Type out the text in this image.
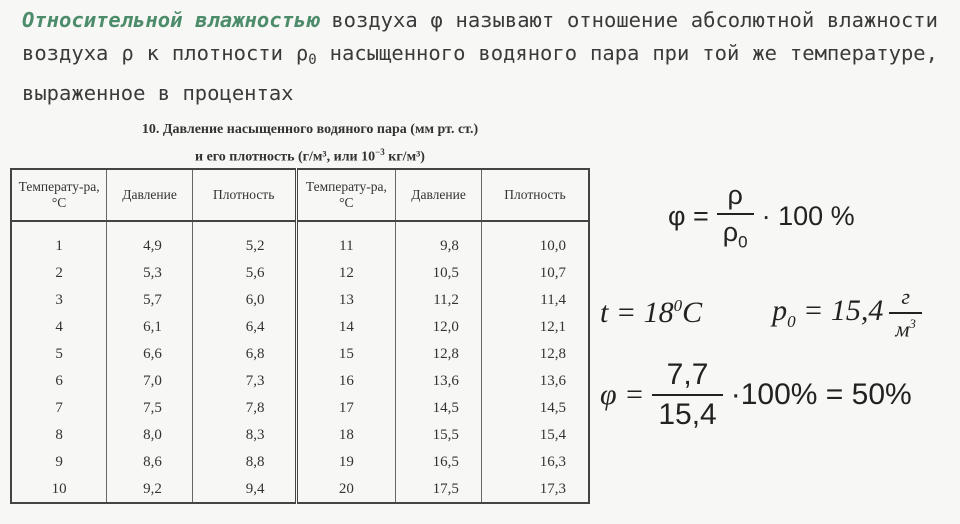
Относительной влажностью воздуха φ называют отношение абсолютной влажности воздуха ρ к плотности $\rho_0$ насыщенного водяного пара при той же температуре, выраженное в процентах
10. Давление насыщенного водяного пара (мм рт. ст.)
и его плотность (г/м³, или $10^{-3}$ кг/м³)
Температу-ра, °С	Давление	Плотность	Температу-ра, °С	Давление	Плотность

1	4,9	5,2	11	9,8	10,0
2	5,3	5,6	12	10,5	10,7
3	5,7	6,0	13	11,2	11,4
4	6,1	6,4	14	12,0	12,1
5	6,6	6,8	15	12,8	12,8
6	7,0	7,3	16	13,6	13,6
7	7,5	7,8	17	14,5	14,5
8	8,0	8,3	18	15,5	15,4
9	8,6	8,8	19	16,5	16,3
10	9,2	9,4	20	17,5	17,3
$\varphi = \frac{\rho}{\rho_0} \cdot 100$ %
$t = 18^0C$ $p_0 = 15,4 \frac{г}{м^3}$
$\varphi = \frac{7,7}{15,4} \cdot 100\% = 50\%$
